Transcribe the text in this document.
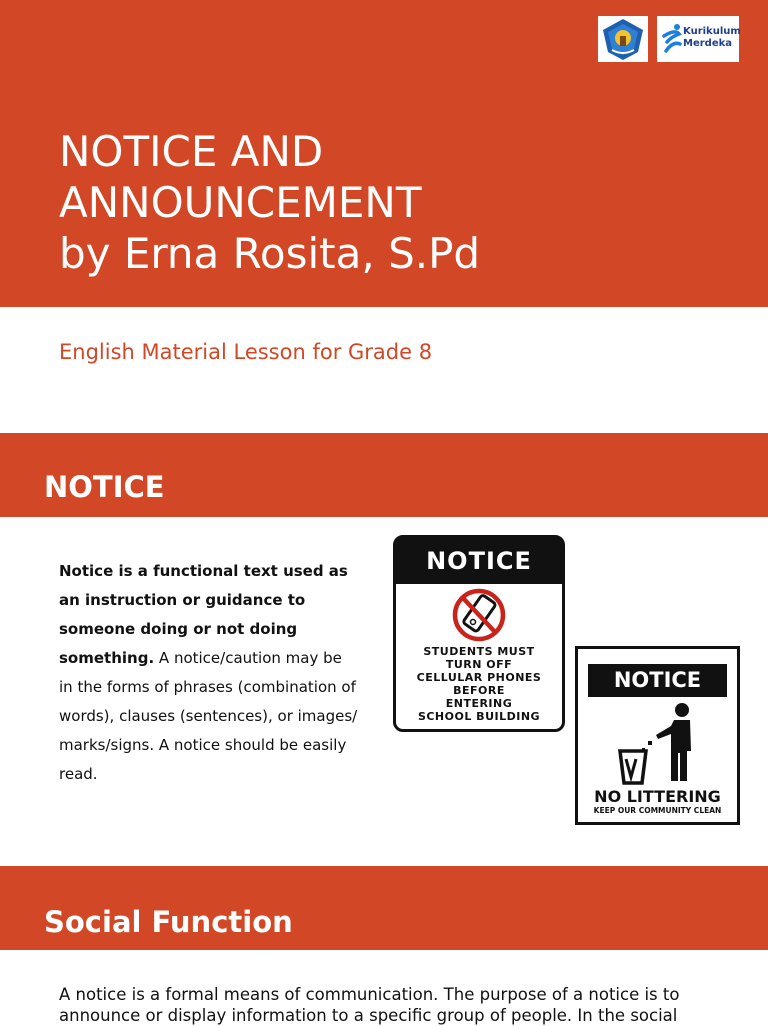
Kurikulum
Merdeka
NOTICE AND ANNOUNCEMENT
by Erna Rosita, S.Pd

English Material Lesson for Grade 8

NOTICE

Notice is a functional text used as an instruction or guidance to someone doing or not doing something. A notice/caution may be in the forms of phrases (combination of words), clauses (sentences), or images/ marks/signs. A notice should be easily read.

NOTICE
STUDENTS MUST
TURN OFF
CELLULAR PHONES
BEFORE
ENTERING
SCHOOL BUILDING
NOTICE
NO LITTERING
KEEP OUR COMMUNITY CLEAN
Social Function

A notice is a formal means of communication. The purpose of a notice is to announce or display information to a specific group of people. In the social
